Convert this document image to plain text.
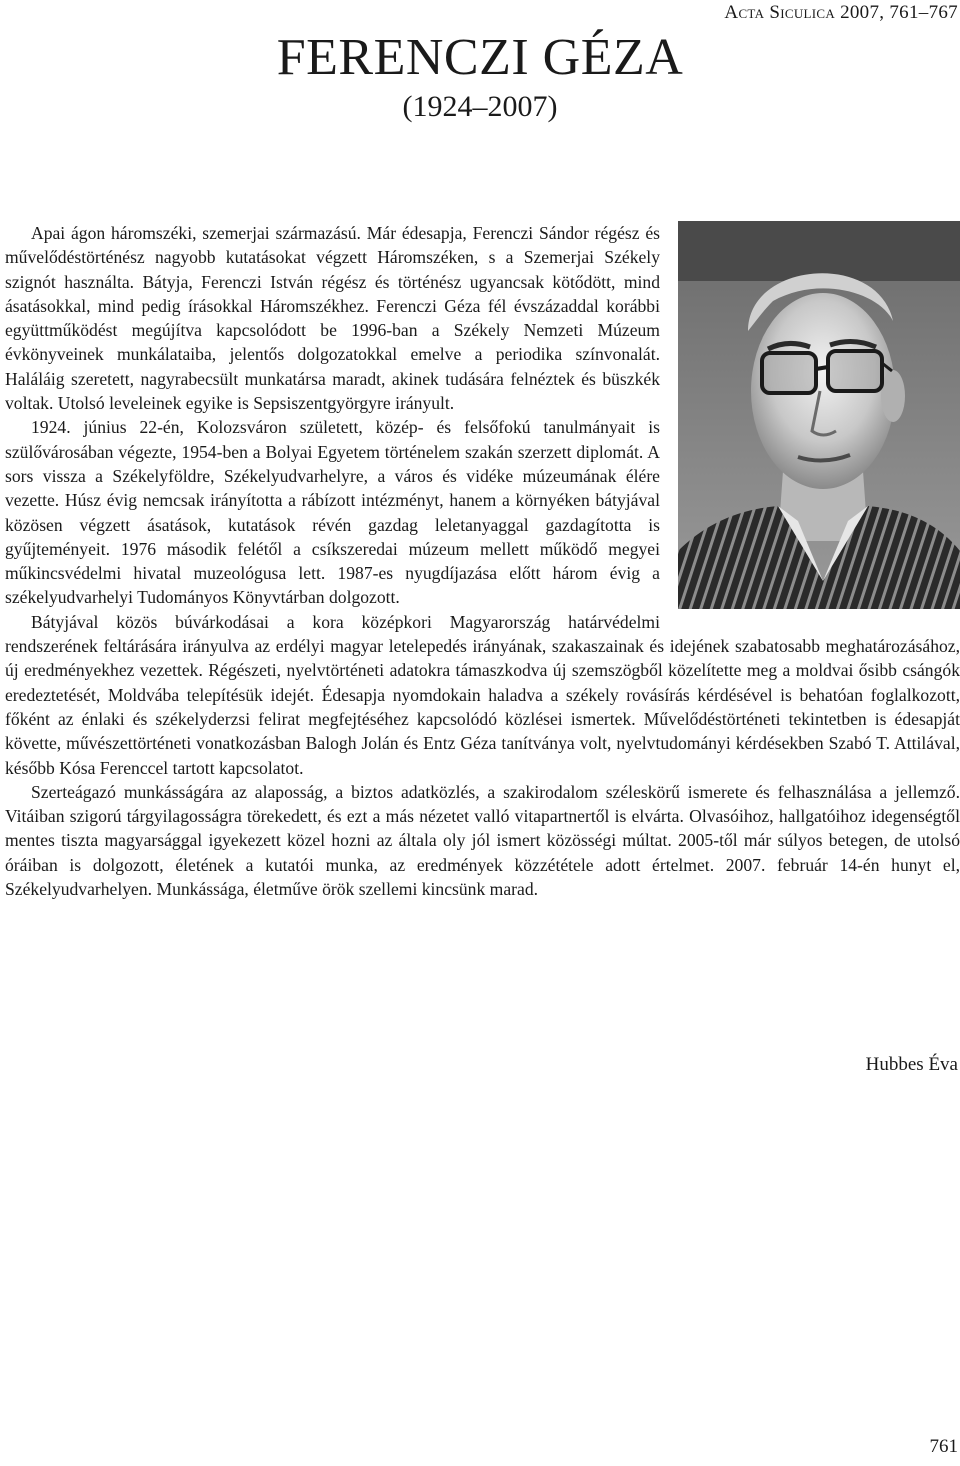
Acta Siculica 2007, 761–767
FERENCZI GÉZA
(1924–2007)

Apai ágon háromszéki, szemerjai származású. Már édesapja, Ferenczi Sándor régész és művelődéstörténész nagyobb kutatásokat végzett Háromszéken, s a Szemerjai Székely szignót használta. Bátyja, Ferenczi István régész és történész ugyancsak kötődött, mind ásatásokkal, mind pedig írásokkal Háromszékhez. Ferenczi Géza fél évszázaddal korábbi együttműködést megújítva kapcsolódott be 1996-ban a Székely Nemzeti Múzeum évkönyveinek munkálataiba, jelentős dolgozatokkal emelve a periodika színvonalát. Haláláig szeretett, nagyrabecsült munkatársa maradt, akinek tudására felnéztek és büszkék voltak. Utolsó leveleinek egyike is Sepsiszentgyörgyre irányult.

1924. június 22-én, Kolozsváron született, közép- és felsőfokú tanulmányait is szülővárosában végezte, 1954-ben a Bolyai Egyetem történelem szakán szerzett diplomát. A sors vissza a Székelyföldre, Székelyudvarhelyre, a város és vidéke múzeumának élére vezette. Húsz évig nemcsak irányította a rábízott intézményt, hanem a környéken bátyjával közösen végzett ásatások, kutatások révén gazdag leletanyaggal gazdagította is gyűjteményeit. 1976 második felétől a csíkszeredai múzeum mellett működő megyei műkincsvédelmi hivatal muzeológusa lett. 1987-es nyugdíjazása előtt három évig a székelyudvarhelyi Tudományos Könyvtárban dolgozott.

Bátyjával közös búvárkodásai a kora középkori Magyarország határvédelmi rendszerének feltárására irányulva az erdélyi magyar letelepedés irányának, szakaszainak és idejének szabatosabb meghatározásához, új eredményekhez vezettek. Régészeti, nyelvtörténeti adatokra támaszkodva új szemszögből közelítette meg a moldvai ősibb csángók eredeztetését, Moldvába telepítésük idejét. Édesapja nyomdokain haladva a székely rovásírás kérdésével is behatóan foglalkozott, főként az énlaki és székelyderzsi felirat megfejtéséhez kapcsolódó közlései ismertek. Művelődéstörténeti tekintetben is édesapját követte, művészettörténeti vonatkozásban Balogh Jolán és Entz Géza tanítványa volt, nyelvtudományi kérdésekben Szabó T. Attilával, később Kósa Ferenccel tartott kapcsolatot.

Szerteágazó munkásságára az alaposság, a biztos adatközlés, a szakirodalom széleskörű ismerete és felhasználása a jellemző. Vitáiban szigorú tárgyilagosságra törekedett, és ezt a más nézetet valló vitapartnertől is elvárta. Olvasóihoz, hallgatóihoz idegenségtől mentes tiszta magyarsággal igyekezett közel hozni az általa oly jól ismert közösségi múltat. 2005-től már súlyos betegen, de utolsó óráiban is dolgozott, életének a kutatói munka, az eredmények közzététele adott értelmet. 2007. február 14-én hunyt el, Székelyudvarhelyen. Munkássága, életműve örök szellemi kincsünk marad.

Hubbes Éva
761
